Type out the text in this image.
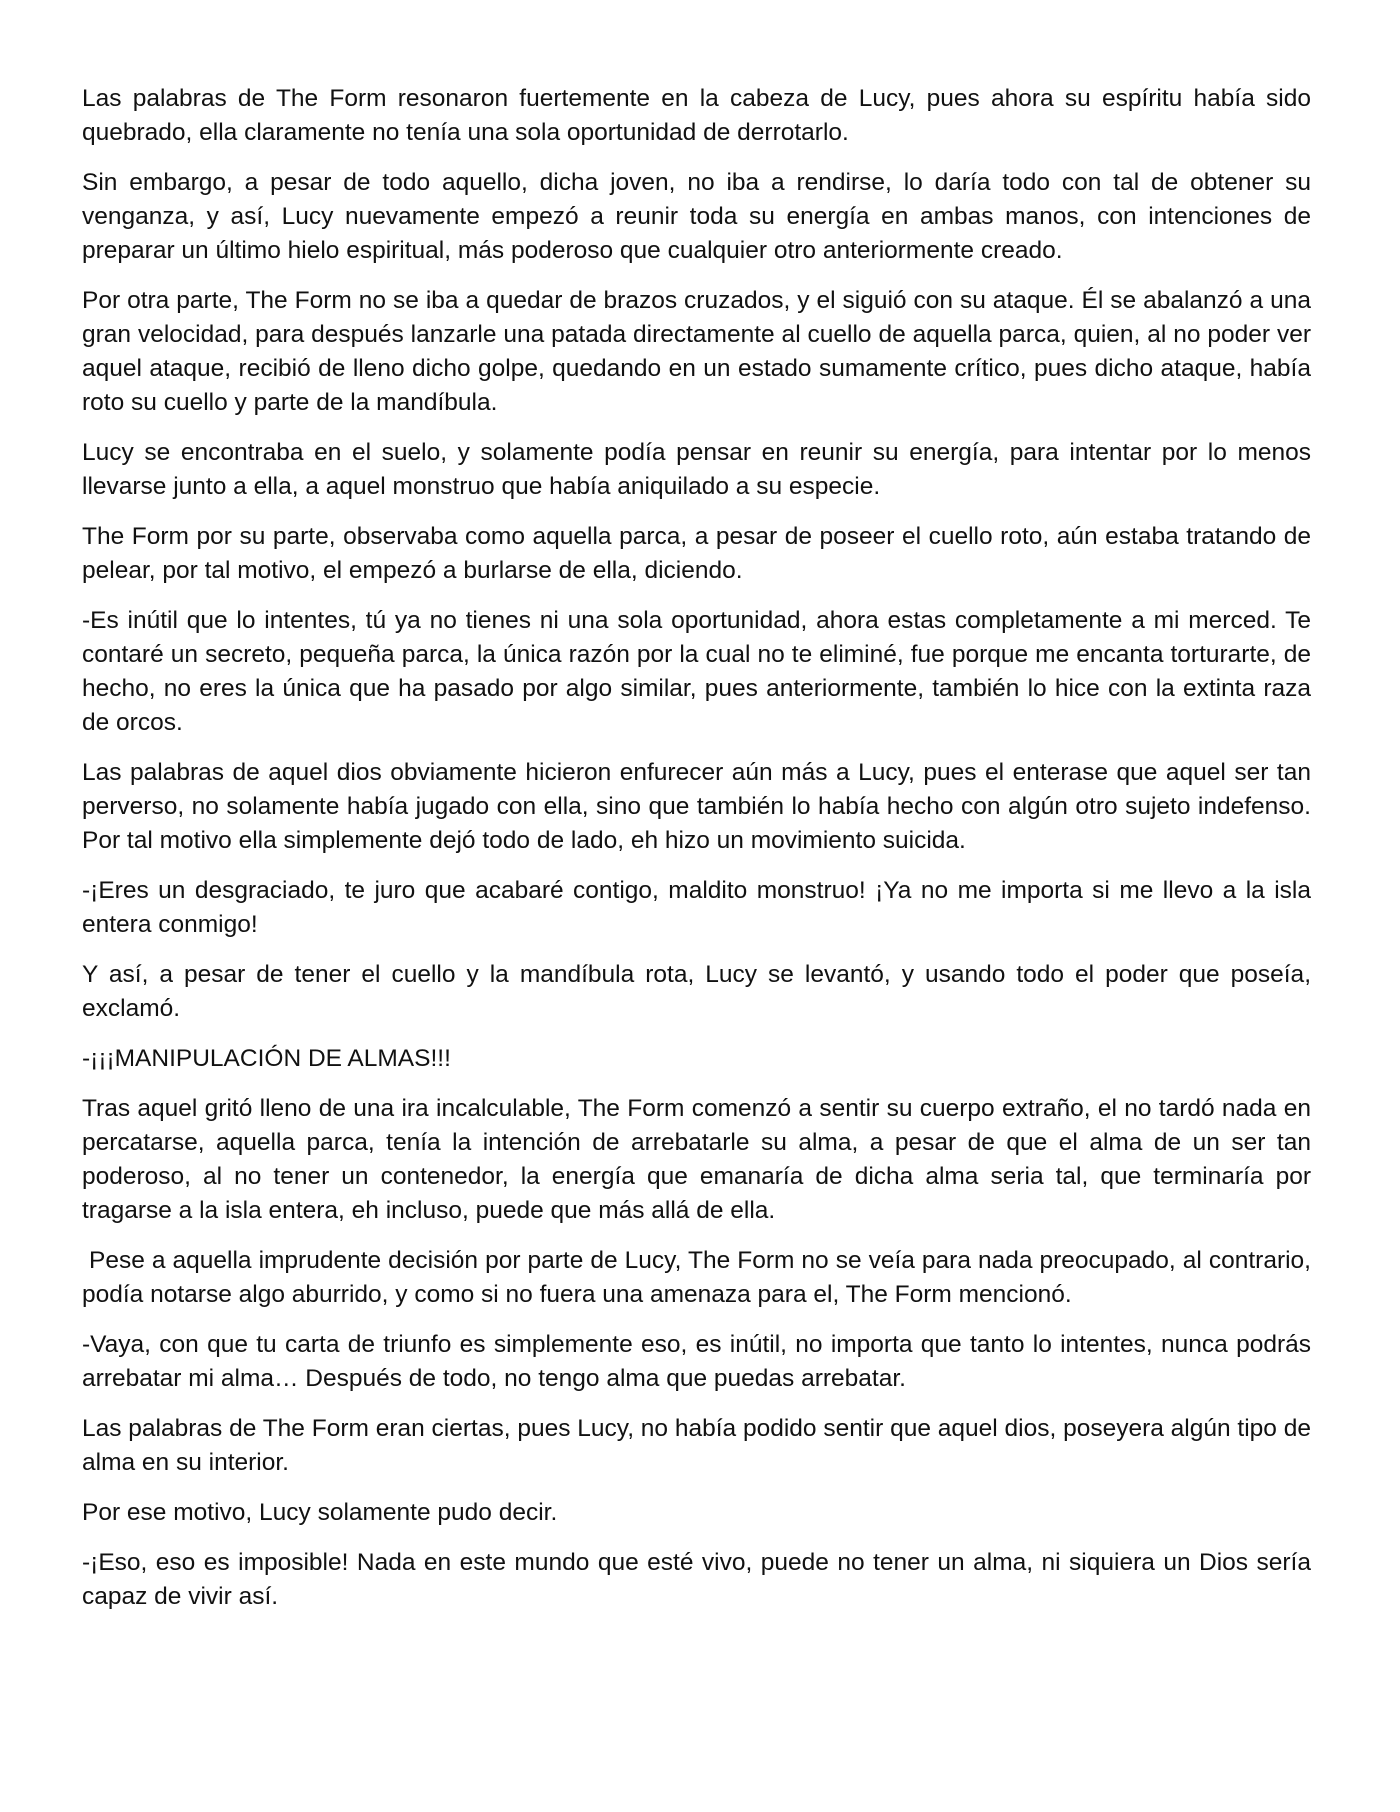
Las palabras de The Form resonaron fuertemente en la cabeza de Lucy, pues ahora su espíritu había sido quebrado, ella claramente no tenía una sola oportunidad de derrotarlo.

Sin embargo, a pesar de todo aquello, dicha joven, no iba a rendirse, lo daría todo con tal de obtener su venganza, y así, Lucy nuevamente empezó a reunir toda su energía en ambas manos, con intenciones de preparar un último hielo espiritual, más poderoso que cualquier otro anteriormente creado.

Por otra parte, The Form no se iba a quedar de brazos cruzados, y el siguió con su ataque. Él se abalanzó a una gran velocidad, para después lanzarle una patada directamente al cuello de aquella parca, quien, al no poder ver aquel ataque, recibió de lleno dicho golpe, quedando en un estado sumamente crítico, pues dicho ataque, había roto su cuello y parte de la mandíbula.

Lucy se encontraba en el suelo, y solamente podía pensar en reunir su energía, para intentar por lo menos llevarse junto a ella, a aquel monstruo que había aniquilado a su especie.

The Form por su parte, observaba como aquella parca, a pesar de poseer el cuello roto, aún estaba tratando de pelear, por tal motivo, el empezó a burlarse de ella, diciendo.

-Es inútil que lo intentes, tú ya no tienes ni una sola oportunidad, ahora estas completamente a mi merced. Te contaré un secreto, pequeña parca, la única razón por la cual no te eliminé, fue porque me encanta torturarte, de hecho, no eres la única que ha pasado por algo similar, pues anteriormente, también lo hice con la extinta raza de orcos.

Las palabras de aquel dios obviamente hicieron enfurecer aún más a Lucy, pues el enterase que aquel ser tan perverso, no solamente había jugado con ella, sino que también lo había hecho con algún otro sujeto indefenso. Por tal motivo ella simplemente dejó todo de lado, eh hizo un movimiento suicida.

-¡Eres un desgraciado, te juro que acabaré contigo, maldito monstruo! ¡Ya no me importa si me llevo a la isla entera conmigo!

Y así, a pesar de tener el cuello y la mandíbula rota, Lucy se levantó, y usando todo el poder que poseía, exclamó.

-¡¡¡MANIPULACIÓN DE ALMAS!!!

Tras aquel gritó lleno de una ira incalculable, The Form comenzó a sentir su cuerpo extraño, el no tardó nada en percatarse, aquella parca, tenía la intención de arrebatarle su alma, a pesar de que el alma de un ser tan poderoso, al no tener un contenedor, la energía que emanaría de dicha alma seria tal, que terminaría por tragarse a la isla entera, eh incluso, puede que más allá de ella.

Pese a aquella imprudente decisión por parte de Lucy, The Form no se veía para nada preocupado, al contrario, podía notarse algo aburrido, y como si no fuera una amenaza para el, The Form mencionó.

-Vaya, con que tu carta de triunfo es simplemente eso, es inútil, no importa que tanto lo intentes, nunca podrás arrebatar mi alma… Después de todo, no tengo alma que puedas arrebatar.

Las palabras de The Form eran ciertas, pues Lucy, no había podido sentir que aquel dios, poseyera algún tipo de alma en su interior.

Por ese motivo, Lucy solamente pudo decir.

-¡Eso, eso es imposible! Nada en este mundo que esté vivo, puede no tener un alma, ni siquiera un Dios sería capaz de vivir así.
